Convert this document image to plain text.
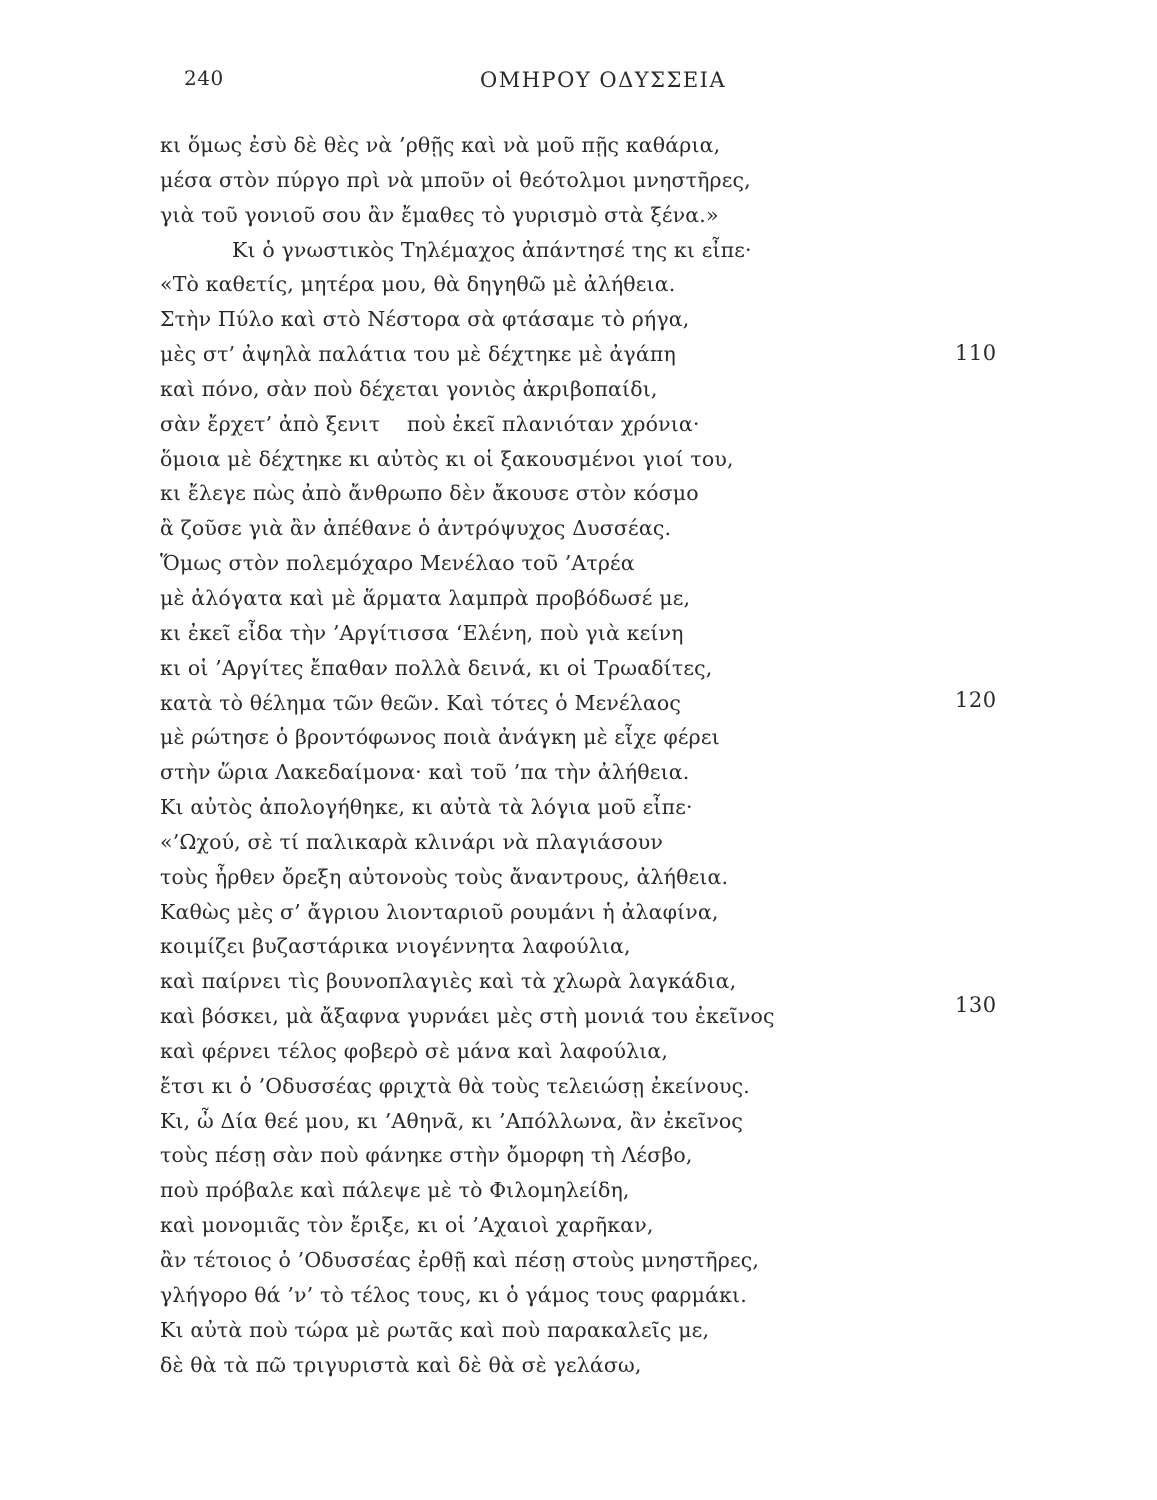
240	ΟΜΗΡΟΥ ΟΔΥΣΣΕΙΑ
κι ὅμως ἐσὺ δὲ θὲς νὰ ’ρθῇς καὶ νὰ μοῦ πῇς καθάρια,
μέσα στὸν πύργο πρὶ νὰ μποῦν οἱ θεότολμοι μνηστῆρες,
γιὰ τοῦ γονιοῦ σου ἂν ἔμαθες τὸ γυρισμὸ στὰ ξένα.»
Κι ὁ γνωστικὸς Τηλέμαχος ἀπάντησέ της κι εἶπε·
«Τὸ καθετίς, μητέρα μου, θὰ δηγηθῶ μὲ ἀλήθεια.
Στὴν Πύλο καὶ στὸ Νέστορα σὰ φτάσαμε τὸ ρήγα,
μὲς στ’ ἀψηλὰ παλάτια του μὲ δέχτηκε μὲ ἀγάπη
καὶ πόνο, σὰν ποὺ δέχεται γονιὸς ἀκριβοπαίδι,
σὰν ἔρχετ’ ἀπὸ ξενιτ    ποὺ ἐκεῖ πλανιόταν χρόνια·
ὅμοια μὲ δέχτηκε κι αὐτὸς κι οἱ ξακουσμένοι γιοί του,
κι ἔλεγε πὼς ἀπὸ ἄνθρωπο δὲν ἄκουσε στὸν κόσμο
ἂ ζοῦσε γιὰ ἂν ἀπέθανε ὁ ἀντρόψυχος Δυσσέας.
Ὅμως στὸν πολεμόχαρο Μενέλαο τοῦ ’Ατρέα
μὲ ἀλόγατα καὶ μὲ ἅρματα λαμπρὰ προβόδωσέ με,
κι ἐκεῖ εἶδα τὴν ’Αργίτισσα ‘Ελένη, ποὺ γιὰ κείνη
κι οἱ ’Αργίτες ἔπαθαν πολλὰ δεινά, κι οἱ Τρωαδίτες,
κατὰ τὸ θέλημα τῶν θεῶν. Καὶ τότες ὁ Μενέλαος
μὲ ρώτησε ὁ βροντόφωνος ποιὰ ἀνάγκη μὲ εἶχε φέρει
στὴν ὥρια Λακεδαίμονα· καὶ τοῦ ’πα τὴν ἀλήθεια.
Κι αὐτὸς ἀπολογήθηκε, κι αὐτὰ τὰ λόγια μοῦ εἶπε·
«’Ωχού, σὲ τί παλικαρὰ κλινάρι νὰ πλαγιάσουν
τοὺς ἦρθεν ὄρεξη αὐτονοὺς τοὺς ἄναντρους, ἀλήθεια.
Καθὼς μὲς σ’ ἄγριου λιονταριοῦ ρουμάνι ἡ ἀλαφίνα,
κοιμίζει βυζαστάρικα νιογέννητα λαφούλια,
καὶ παίρνει τὶς βουνοπλαγιὲς καὶ τὰ χλωρὰ λαγκάδια,
καὶ βόσκει, μὰ ἄξαφνα γυρνάει μὲς στὴ μονιά του ἐκεῖνος
καὶ φέρνει τέλος φοβερὸ σὲ μάνα καὶ λαφούλια,
ἔτσι κι ὁ ’Οδυσσέας φριχτὰ θὰ τοὺς τελειώσῃ ἐκείνους.
Κι, ὦ Δία θεέ μου, κι ’Αθηνᾶ, κι ’Απόλλωνα, ἂν ἐκεῖνος
τοὺς πέσῃ σὰν ποὺ φάνηκε στὴν ὄμορφη τὴ Λέσβο,
ποὺ πρόβαλε καὶ πάλεψε μὲ τὸ Φιλομηλείδη,
καὶ μονομιᾶς τὸν ἔριξε, κι οἱ ’Αχαιοὶ χαρῆκαν,
ἂν τέτοιος ὁ ’Οδυσσέας ἐρθῇ καὶ πέσῃ στοὺς μνηστῆρες,
γλήγορο θά ’ν’ τὸ τέλος τους, κι ὁ γάμος τους φαρμάκι.
Κι αὐτὰ ποὺ τώρα μὲ ρωτᾶς καὶ ποὺ παρακαλεῖς με,
δὲ θὰ τὰ πῶ τριγυριστὰ καὶ δὲ θὰ σὲ γελάσω,
110
120
130
